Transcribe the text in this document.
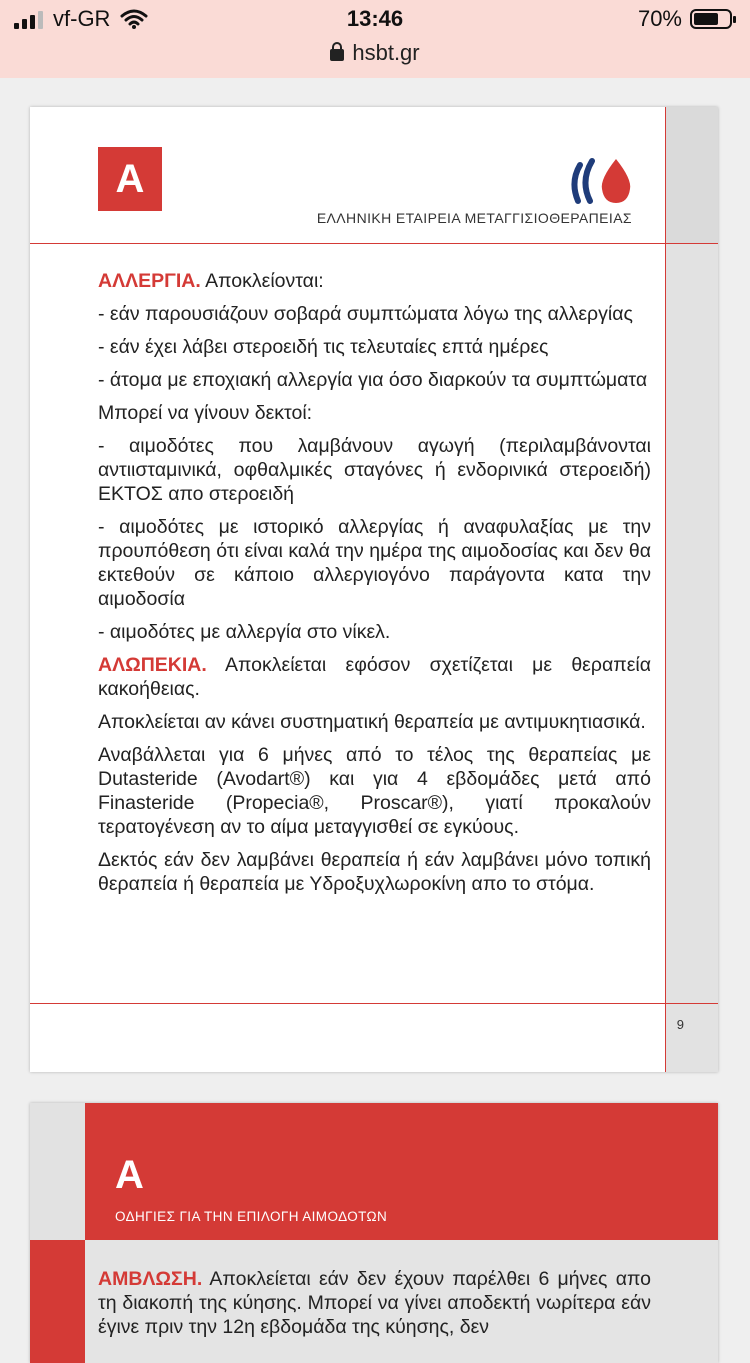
vf-GR	13:46	70%
hsbt.gr
A
ΕΛΛΗΝΙΚΗ ΕΤΑΙΡΕΙΑ ΜΕΤΑΓΓΙΣΙΟΘΕΡΑΠΕΙΑΣ

ΑΛΛΕΡΓΙΑ. Αποκλείονται:

- εάν παρουσιάζουν σοβαρά συμπτώματα λόγω της αλλεργίας

- εάν έχει λάβει στεροειδή τις τελευταίες επτά ημέρες

- άτομα με εποχιακή αλλεργία για όσο διαρκούν τα συμπτώματα

Μπορεί να γίνουν δεκτοί:

- αιμοδότες που λαμβάνουν αγωγή (περιλαμβάνονται αντιισταμινικά, οφθαλμικές σταγόνες ή ενδορινικά στεροειδή) ΕΚΤΟΣ απο στεροειδή

- αιμοδότες με ιστορικό αλλεργίας ή αναφυλαξίας με την προυπόθεση ότι είναι καλά την ημέρα της αιμοδοσίας και δεν θα εκτεθούν σε κάποιο αλλεργιογόνο παράγοντα κατα την αιμοδοσία

- αιμοδότες με αλλεργία στο νίκελ.

ΑΛΩΠΕΚΙΑ. Αποκλείεται εφόσον σχετίζεται με θεραπεία κακοήθειας.

Αποκλείεται αν κάνει συστηματική θεραπεία με αντιμυκητιασικά.

Αναβάλλεται για 6 μήνες από το τέλος της θεραπείας με Dutasteride (Avodart®) και για 4 εβδομάδες μετά από Finasteride (Propecia®, Proscar®), γιατί προκαλούν τερατογένεση αν το αίμα μεταγγισθεί σε εγκύους.

Δεκτός εάν δεν λαμβάνει θεραπεία ή εάν λαμβάνει μόνο τοπική θεραπεία ή θεραπεία με Υδροξυχλωροκίνη απο το στόμα.

9
A
ΟΔΗΓΙΕΣ ΓΙΑ ΤΗΝ ΕΠΙΛΟΓΗ ΑΙΜΟΔΟΤΩΝ
ΑΜΒΛΩΣΗ. Αποκλείεται εάν δεν έχουν παρέλθει 6 μήνες απο τη διακοπή της κύησης. Μπορεί να γίνει αποδεκτή νωρίτερα εάν έγινε πριν την 12η εβδομάδα της κύησης, δεν
